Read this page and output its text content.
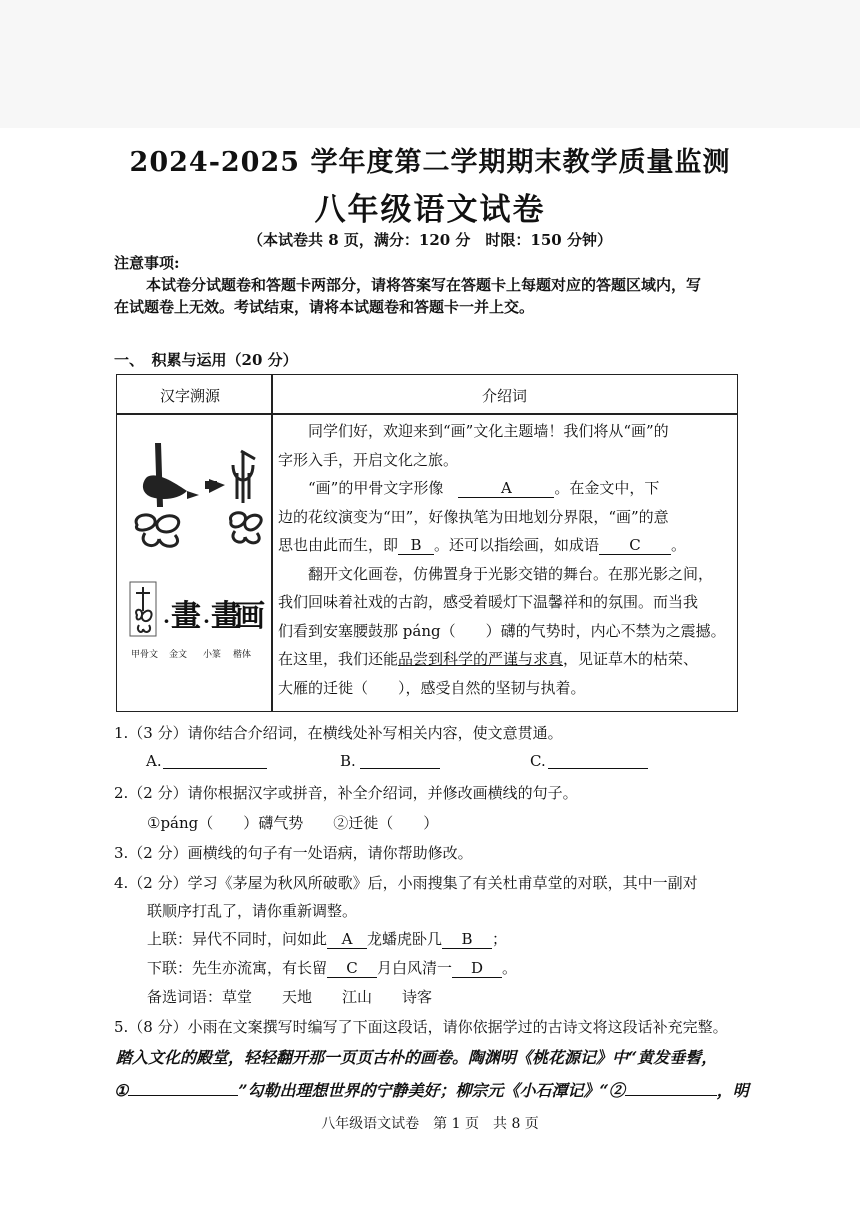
2024-2025 学年度第二学期期末教学质量监测
八年级语文试卷
（本试卷共 8 页，满分：120 分　时限：150 分钟）
注意事项:
本试卷分试题卷和答题卡两部分，请将答案写在答题卡上每题对应的答题区域内，写
在试题卷上无效。考试结束，请将本试题卷和答题卡一并上交。
一、　积累与运用（20 分）
汉字溯源	介绍词
畫 畫
画
· ·
甲骨文 金文 小篆 楷体
同学们好，欢迎来到“画”文化主题墙！我们将从“画”的
字形入手，开启文化之旅。
“画”的甲骨文字形像　	A	。在金文中，下
边的花纹演变为“田”，好像执笔为田地划分界限，“画”的意
思也由此而生，即 B 。还可以指绘画，如成语 C 。
翻开文化画卷，仿佛置身于光影交错的舞台。在那光影之间，
我们回味着社戏的古韵，感受着暖灯下温馨祥和的氛围。而当我
们看到安塞腰鼓那 páng（　　）礴的气势时，内心不禁为之震撼。
在这里，我们还能品尝到科学的严谨与求真，见证草木的枯荣、
大雁的迁徙（　　），感受自然的坚韧与执着。
1.（3 分）请你结合介绍词，在横线处补写相关内容，使文意贯通。
A.	B.	C.
2.（2 分）请你根据汉字或拼音，补全介绍词，并修改画横线的句子。
①páng（　　）礴气势　　②迁徙（　　）
3.（2 分）画横线的句子有一处语病，请你帮助修改。
4.（2 分）学习《茅屋为秋风所破歌》后，小雨搜集了有关杜甫草堂的对联，其中一副对
联顺序打乱了，请你重新调整。
上联：异代不同时，问如此 A 龙蟠虎卧几 B ；
下联：先生亦流寓，有长留 C 月白风清一 D 。
备选词语：草堂　　天地　　江山　　诗客
5.（8 分）小雨在文案撰写时编写了下面这段话，请你依据学过的古诗文将这段话补充完整。
踏入文化的殿堂，轻轻翻开那一页页古朴的画卷。陶渊明《桃花源记》中“黄发垂髫，
①	”勾勒出理想世界的宁静美好；柳宗元《小石潭记》“②	，明
八年级语文试卷　第 1 页　共 8 页
